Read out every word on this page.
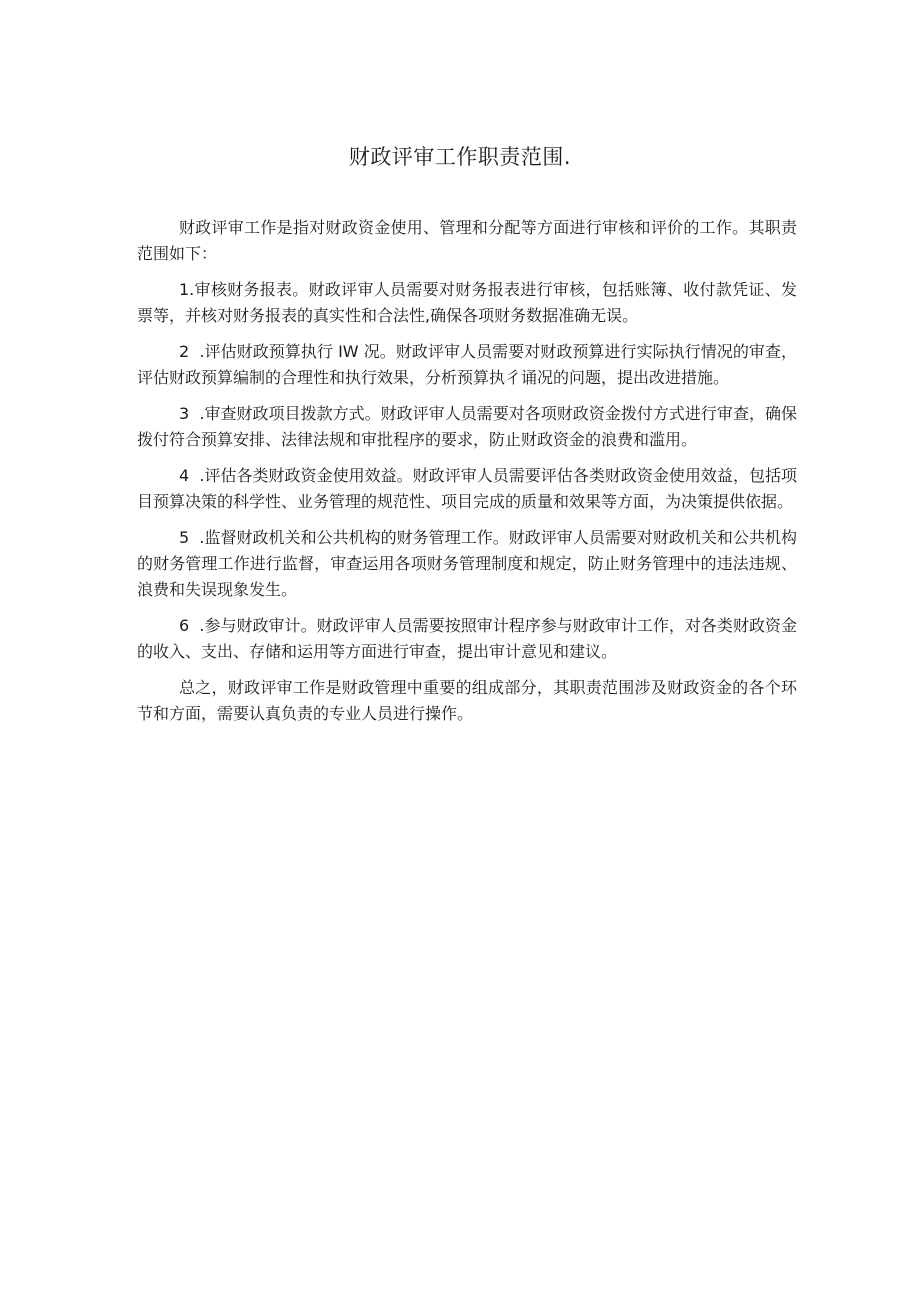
财政评审工作职责范围.

财政评审工作是指对财政资金使用、管理和分配等方面进行审核和评价的工作。其职责范围如下：

1.审核财务报表。财政评审人员需要对财务报表进行审核，包括账簿、收付款凭证、发票等，并核对财务报表的真实性和合法性,确保各项财务数据准确无误。

2  .评估财政预算执行 IW 况。财政评审人员需要对财政预算进行实际执行情况的审查，评估财政预算编制的合理性和执行效果，分析预算执彳诵况的问题，提出改进措施。

3  .审查财政项目拨款方式。财政评审人员需要对各项财政资金拨付方式进行审查，确保拨付符合预算安排、法律法规和审批程序的要求，防止财政资金的浪费和滥用。

4  .评估各类财政资金使用效益。财政评审人员需要评估各类财政资金使用效益，包括项目预算决策的科学性、业务管理的规范性、项目完成的质量和效果等方面，为决策提供依据。

5  .监督财政机关和公共机构的财务管理工作。财政评审人员需要对财政机关和公共机构的财务管理工作进行监督，审查运用各项财务管理制度和规定，防止财务管理中的违法违规、浪费和失误现象发生。

6  .参与财政审计。财政评审人员需要按照审计程序参与财政审计工作，对各类财政资金的收入、支出、存储和运用等方面进行审查，提出审计意见和建议。

总之，财政评审工作是财政管理中重要的组成部分，其职责范围涉及财政资金的各个环节和方面，需要认真负责的专业人员进行操作。
